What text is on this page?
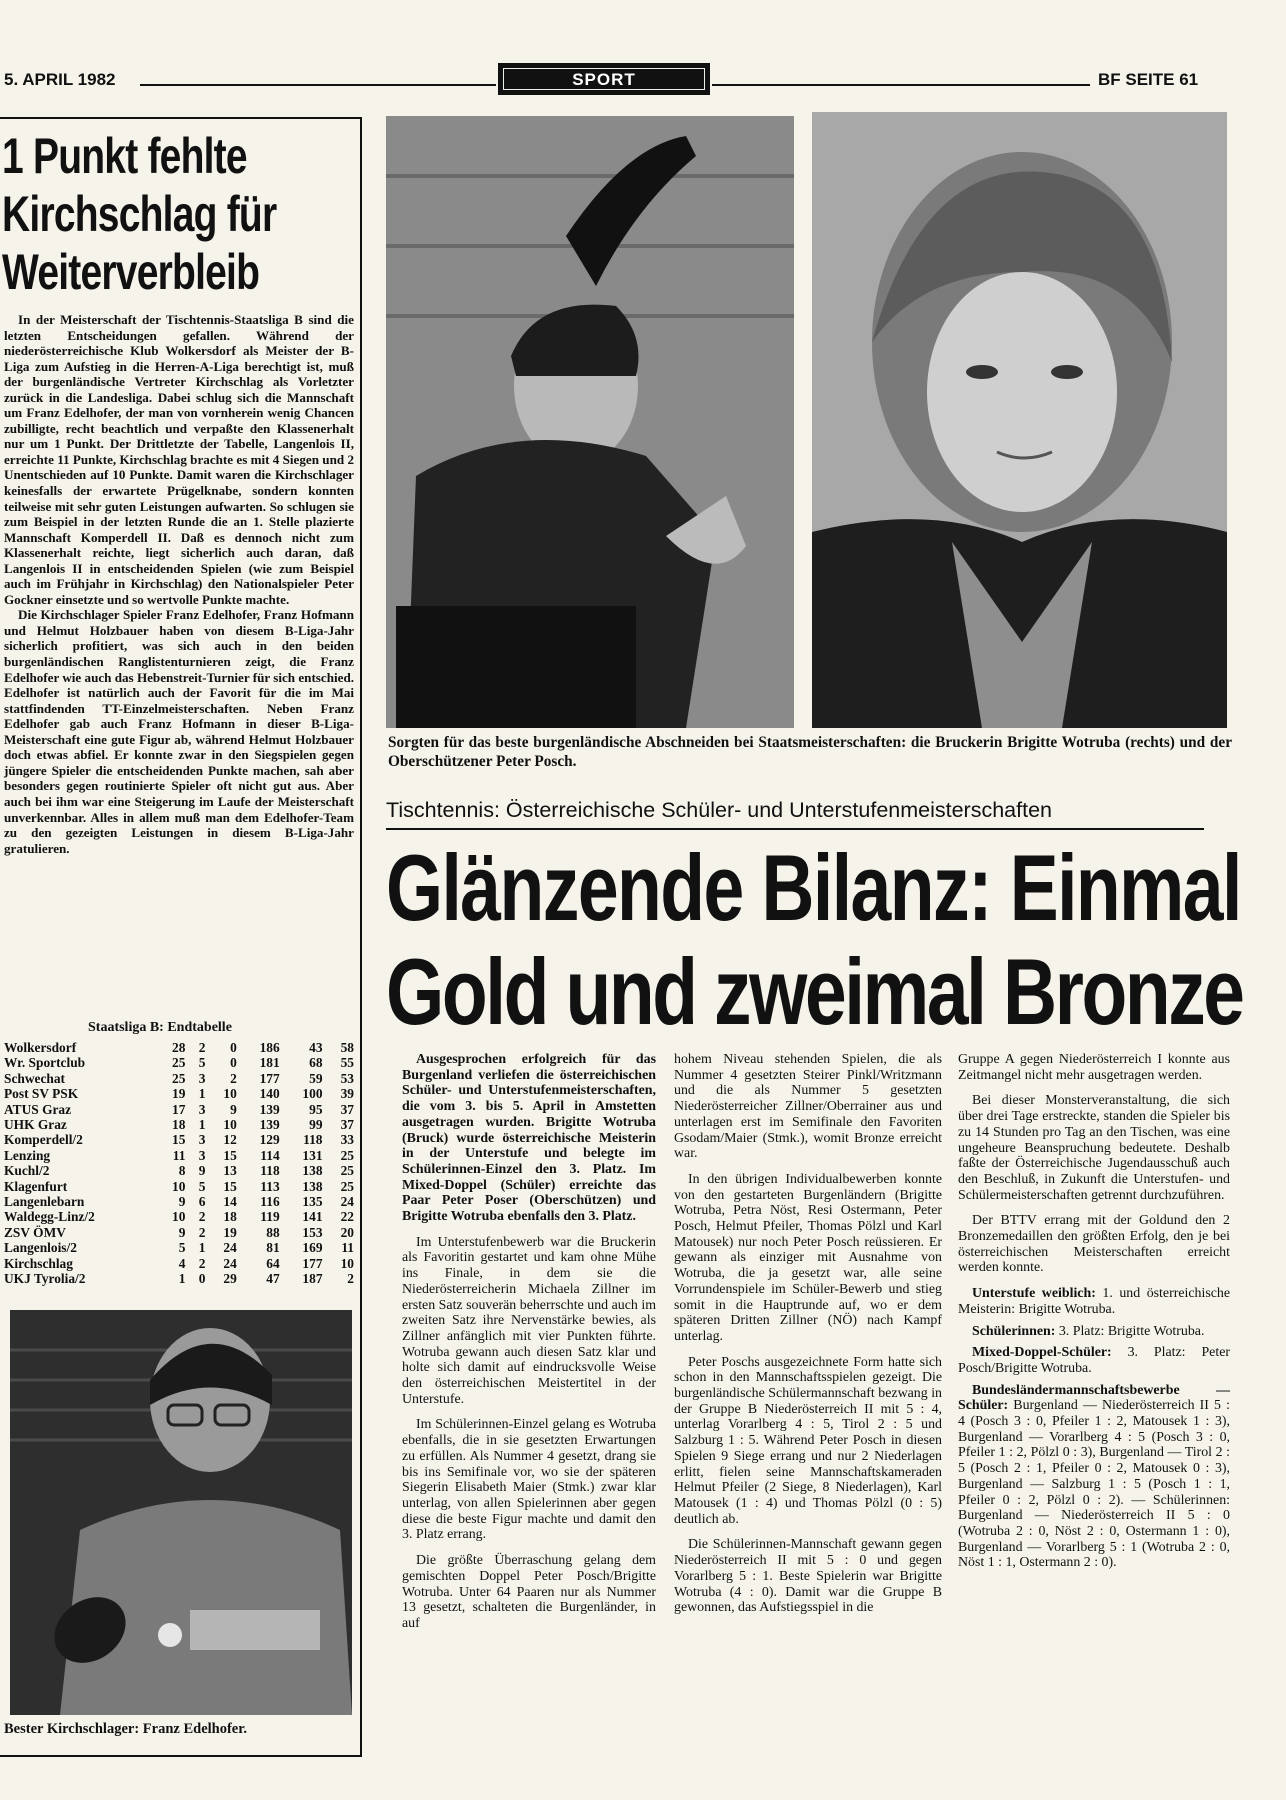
5. APRIL 1982	SPORT	BF SEITE 61
1 Punkt fehlte
Kirchschlag für
Weiterverbleib

In der Meisterschaft der Tischtennis-Staatsliga B sind die letzten Entscheidungen gefallen. Während der niederösterreichische Klub Wolkersdorf als Meister der B-Liga zum Aufstieg in die Herren-A-Liga berechtigt ist, muß der burgenländische Vertreter Kirchschlag als Vorletzter zurück in die Landesliga. Dabei schlug sich die Mannschaft um Franz Edelhofer, der man von vornherein wenig Chancen zubilligte, recht beachtlich und verpaßte den Klassenerhalt nur um 1 Punkt. Der Drittletzte der Tabelle, Langenlois II, erreichte 11 Punkte, Kirchschlag brachte es mit 4 Siegen und 2 Unentschieden auf 10 Punkte. Damit waren die Kirchschlager keinesfalls der erwartete Prügelknabe, sondern konnten teilweise mit sehr guten Leistungen aufwarten. So schlugen sie zum Beispiel in der letzten Runde die an 1. Stelle plazierte Mannschaft Komperdell II. Daß es dennoch nicht zum Klassenerhalt reichte, liegt sicherlich auch daran, daß Langenlois II in entscheidenden Spielen (wie zum Beispiel auch im Frühjahr in Kirchschlag) den Nationalspieler Peter Gockner einsetzte und so wertvolle Punkte machte.

Die Kirchschlager Spieler Franz Edelhofer, Franz Hofmann und Helmut Holzbauer haben von diesem B-Liga-Jahr sicherlich profitiert, was sich auch in den beiden burgenländischen Ranglistenturnieren zeigt, die Franz Edelhofer wie auch das Hebenstreit-Turnier für sich entschied. Edelhofer ist natürlich auch der Favorit für die im Mai stattfindenden TT-Einzelmeisterschaften. Neben Franz Edelhofer gab auch Franz Hofmann in dieser B-Liga-Meisterschaft eine gute Figur ab, während Helmut Holzbauer doch etwas abfiel. Er konnte zwar in den Siegspielen gegen jüngere Spieler die entscheidenden Punkte machen, sah aber besonders gegen routinierte Spieler oft nicht gut aus. Aber auch bei ihm war eine Steigerung im Laufe der Meisterschaft unverkennbar. Alles in allem muß man dem Edelhofer-Team zu den gezeigten Leistungen in diesem B-Liga-Jahr gratulieren.

Staatsliga B: Endtabelle
Wolkersdorf	28	2	0	186	43	58
Wr. Sportclub	25	5	0	181	68	55
Schwechat	25	3	2	177	59	53
Post SV PSK	19	1	10	140	100	39
ATUS Graz	17	3	9	139	95	37
UHK Graz	18	1	10	139	99	37
Komperdell/2	15	3	12	129	118	33
Lenzing	11	3	15	114	131	25
Kuchl/2	8	9	13	118	138	25
Klagenfurt	10	5	15	113	138	25
Langenlebarn	9	6	14	116	135	24
Waldegg-Linz/2	10	2	18	119	141	22
ZSV ÖMV	9	2	19	88	153	20
Langenlois/2	5	1	24	81	169	11
Kirchschlag	4	2	24	64	177	10
UKJ Tyrolia/2	1	0	29	47	187	2
Bester Kirchschlager: Franz Edelhofer.
Sorgten für das beste burgenländische Abschneiden bei Staatsmeisterschaften: die Bruckerin Brigitte Wotruba (rechts) und der Oberschützener Peter Posch.
Tischtennis: Österreichische Schüler- und Unterstufenmeisterschaften
Glänzende Bilanz: Einmal
Gold und zweimal Bronze

Ausgesprochen erfolgreich für das Burgenland verliefen die österreichischen Schüler- und Unterstufenmeisterschaften, die vom 3. bis 5. April in Amstetten ausgetragen wurden. Brigitte Wotruba (Bruck) wurde österreichische Meisterin in der Unterstufe und belegte im Schülerinnen-Einzel den 3. Platz. Im Mixed-Doppel (Schüler) erreichte das Paar Peter Poser (Oberschützen) und Brigitte Wotruba ebenfalls den 3. Platz.

Im Unterstufenbewerb war die Bruckerin als Favoritin gestartet und kam ohne Mühe ins Finale, in dem sie die Niederösterreicherin Michaela Zillner im ersten Satz souverän beherrschte und auch im zweiten Satz ihre Nervenstärke bewies, als Zillner anfänglich mit vier Punkten führte. Wotruba gewann auch diesen Satz klar und holte sich damit auf eindrucksvolle Weise den österreichischen Meistertitel in der Unterstufe.

Im Schülerinnen-Einzel gelang es Wotruba ebenfalls, die in sie gesetzten Erwartungen zu erfüllen. Als Nummer 4 gesetzt, drang sie bis ins Semifinale vor, wo sie der späteren Siegerin Elisabeth Maier (Stmk.) zwar klar unterlag, von allen Spielerinnen aber gegen diese die beste Figur machte und damit den 3. Platz errang.

Die größte Überraschung gelang dem gemischten Doppel Peter Posch/Brigitte Wotruba. Unter 64 Paaren nur als Nummer 13 gesetzt, schalteten die Burgenländer, in auf

hohem Niveau stehenden Spielen, die als Nummer 4 gesetzten Steirer Pinkl/Writzmann und die als Nummer 5 gesetzten Niederösterreicher Zillner/Oberrainer aus und unterlagen erst im Semifinale den Favoriten Gsodam/Maier (Stmk.), womit Bronze erreicht war.

In den übrigen Individualbewerben konnte von den gestarteten Burgenländern (Brigitte Wotruba, Petra Nöst, Resi Ostermann, Peter Posch, Helmut Pfeiler, Thomas Pölzl und Karl Matousek) nur noch Peter Posch reüssieren. Er gewann als einziger mit Ausnahme von Wotruba, die ja gesetzt war, alle seine Vorrundenspiele im Schüler-Bewerb und stieg somit in die Hauptrunde auf, wo er dem späteren Dritten Zillner (NÖ) nach Kampf unterlag.

Peter Poschs ausgezeichnete Form hatte sich schon in den Mannschaftsspielen gezeigt. Die burgenländische Schülermannschaft bezwang in der Gruppe B Niederösterreich II mit 5 : 4, unterlag Vorarlberg 4 : 5, Tirol 2 : 5 und Salzburg 1 : 5. Während Peter Posch in diesen Spielen 9 Siege errang und nur 2 Niederlagen erlitt, fielen seine Mannschaftskameraden Helmut Pfeiler (2 Siege, 8 Niederlagen), Karl Matousek (1 : 4) und Thomas Pölzl (0 : 5) deutlich ab.

Die Schülerinnen-Mannschaft gewann gegen Niederösterreich II mit 5 : 0 und gegen Vorarlberg 5 : 1. Beste Spielerin war Brigitte Wotruba (4 : 0). Damit war die Gruppe B gewonnen, das Aufstiegsspiel in die

Gruppe A gegen Niederösterreich I konnte aus Zeitmangel nicht mehr ausgetragen werden.

Bei dieser Monsterveranstaltung, die sich über drei Tage erstreckte, standen die Spieler bis zu 14 Stunden pro Tag an den Tischen, was eine ungeheure Beanspruchung bedeutete. Deshalb faßte der Österreichische Jugendausschuß auch den Beschluß, in Zukunft die Unterstufen- und Schülermeisterschaften getrennt durchzuführen.

Der BTTV errang mit der Goldund den 2 Bronzemedaillen den größten Erfolg, den je bei österreichischen Meisterschaften erreicht werden konnte.

Unterstufe weiblich: 1. und österreichische Meisterin: Brigitte Wotruba.

Schülerinnen: 3. Platz: Brigitte Wotruba.

Mixed-Doppel-Schüler: 3. Platz: Peter Posch/Brigitte Wotruba.

Bundesländermannschaftsbewerbe — Schüler: Burgenland — Niederösterreich II 5 : 4 (Posch 3 : 0, Pfeiler 1 : 2, Matousek 1 : 3), Burgenland — Vorarlberg 4 : 5 (Posch 3 : 0, Pfeiler 1 : 2, Pölzl 0 : 3), Burgenland — Tirol 2 : 5 (Posch 2 : 1, Pfeiler 0 : 2, Matousek 0 : 3), Burgenland — Salzburg 1 : 5 (Posch 1 : 1, Pfeiler 0 : 2, Pölzl 0 : 2). — Schülerinnen: Burgenland — Niederösterreich II 5 : 0 (Wotruba 2 : 0, Nöst 2 : 0, Ostermann 1 : 0), Burgenland — Vorarlberg 5 : 1 (Wotruba 2 : 0, Nöst 1 : 1, Ostermann 2 : 0).
